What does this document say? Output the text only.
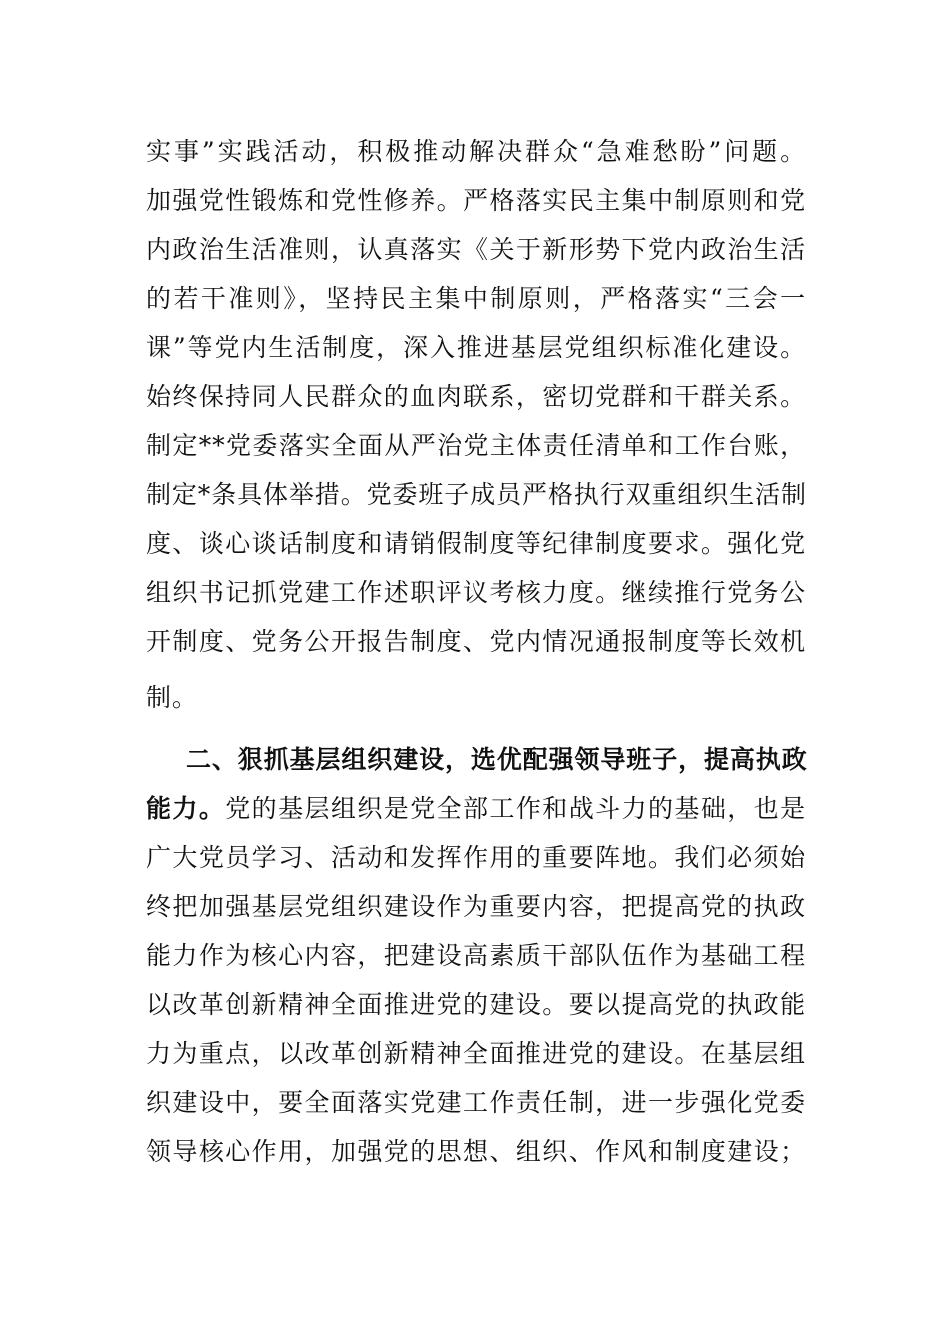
实事”实践活动，积极推动解决群众“急难愁盼”问题。
加强党性锻炼和党性修养。严格落实民主集中制原则和党
内政治生活准则，认真落实《关于新形势下党内政治生活
的若干准则》，坚持民主集中制原则，严格落实“三会一
课”等党内生活制度，深入推进基层党组织标准化建设。
始终保持同人民群众的血肉联系，密切党群和干群关系。
制定**党委落实全面从严治党主体责任清单和工作台账，
制定*条具体举措。党委班子成员严格执行双重组织生活制
度、谈心谈话制度和请销假制度等纪律制度要求。强化党
组织书记抓党建工作述职评议考核力度。继续推行党务公
开制度、党务公开报告制度、党内情况通报制度等长效机
制。
二、狠抓基层组织建设，选优配强领导班子，提高执政
能力。党的基层组织是党全部工作和战斗力的基础，也是
广大党员学习、活动和发挥作用的重要阵地。我们必须始
终把加强基层党组织建设作为重要内容，把提高党的执政
能力作为核心内容，把建设高素质干部队伍作为基础工程
以改革创新精神全面推进党的建设。要以提高党的执政能
力为重点，以改革创新精神全面推进党的建设。在基层组
织建设中，要全面落实党建工作责任制，进一步强化党委
领导核心作用，加强党的思想、组织、作风和制度建设；
